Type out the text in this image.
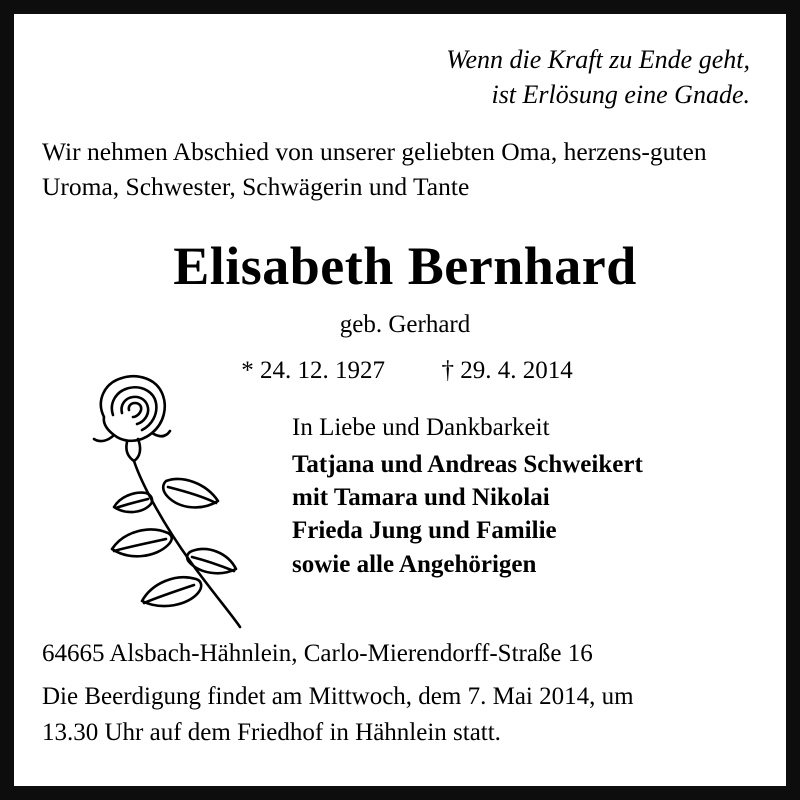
Wenn die Kraft zu Ende geht,
ist Erlösung eine Gnade.
Wir nehmen Abschied von unserer geliebten Oma, herzens-guten Uroma, Schwester, Schwägerin und Tante
Elisabeth Bernhard
geb. Gerhard
* 24. 12. 1927 † 29. 4. 2014
In Liebe und Dankbarkeit
Tatjana und Andreas Schweikert
mit Tamara und Nikolai
Frieda Jung und Familie
sowie alle Angehörigen
64665 Alsbach-Hähnlein, Carlo-Mierendorff-Straße 16
Die Beerdigung findet am Mittwoch, dem 7. Mai 2014, um
13.30 Uhr auf dem Friedhof in Hähnlein statt.
